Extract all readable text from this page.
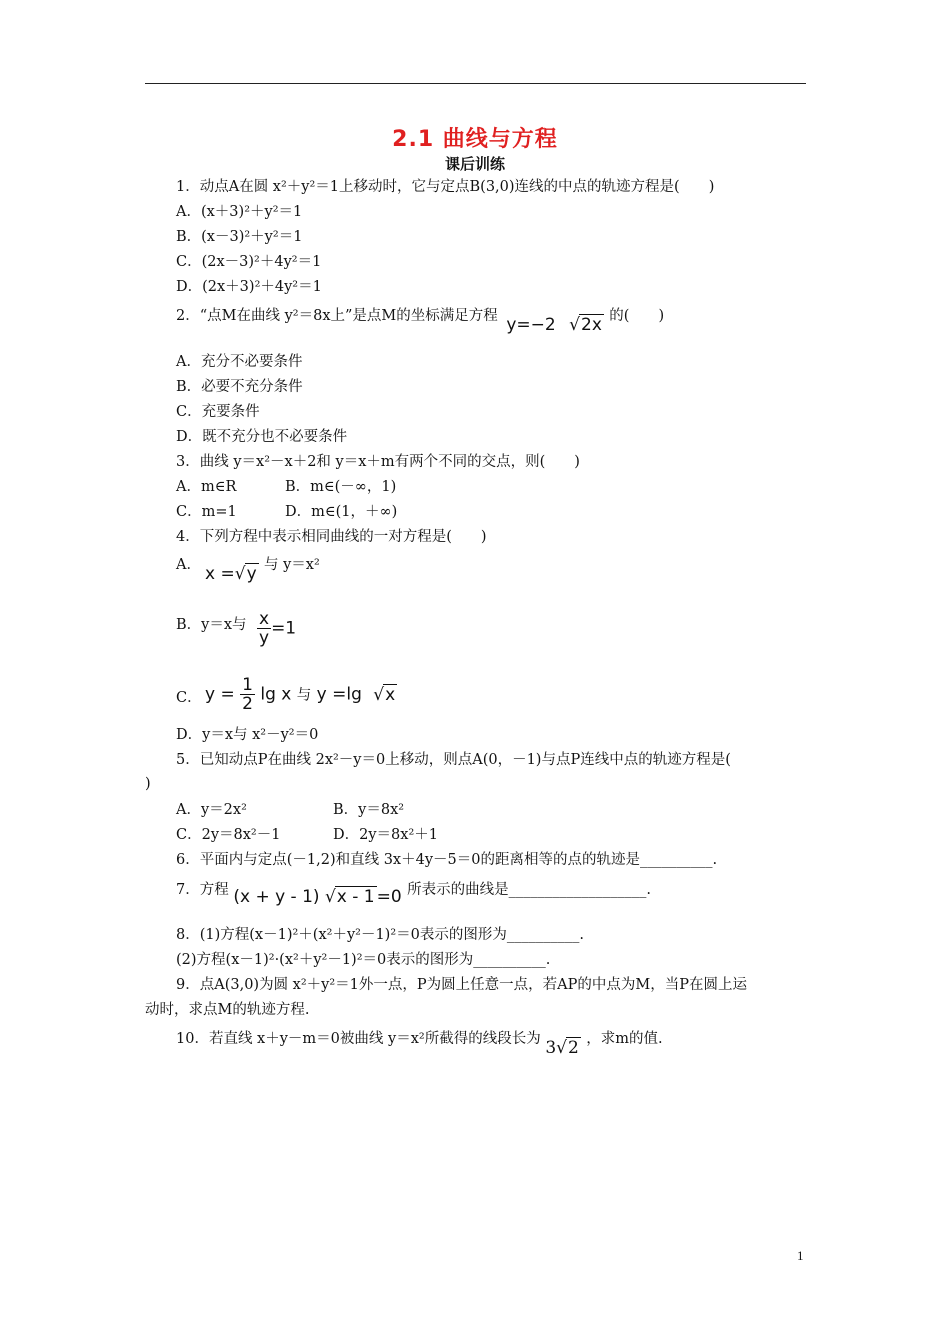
2.1 曲线与方程
课后训练
1．动点A在圆 x²＋y²＝1上移动时，它与定点B(3,0)连线的中点的轨迹方程是(　　)
A．(x＋3)²＋y²＝1
B．(x－3)²＋y²＝1
C．(2x－3)²＋4y²＝1
D．(2x＋3)²＋4y²＝1
2．“点M在曲线 y²＝8x上”是点M的坐标满足方程 y=−2 √2x 的(　　)
A．充分不必要条件
B．必要不充分条件
C．充要条件
D．既不充分也不必要条件
3．曲线 y＝x²－x＋2和 y＝x＋m有两个不同的交点，则(　　)
A．m∈R	B．m∈(－∞，1)
C．m=1	D．m∈(1，＋∞)
4．下列方程中表示相同曲线的一对方程是(　　)
A． x =√y 与 y＝x²
B．y＝x与 $\frac{x}{y} =1$
C． $y = \frac{1}{2}$ lg x 与 y =lg √x
D．y＝x与 x²－y²＝0
5．已知动点P在曲线 2x²－y＝0上移动，则点A(0，－1)与点P连线中点的轨迹方程是(
)
A．y＝2x²	B．y＝8x²
C．2y＝8x²－1	D．2y＝8x²＋1
6．平面内与定点(－1,2)和直线 3x＋4y－5＝0的距离相等的点的轨迹是__________.
7．方程 (x + y - 1) √x - 1 =0 所表示的曲线是___________________.
8．(1)方程(x－1)²＋(x²＋y²－1)²＝0表示的图形为__________.
(2)方程(x－1)²·(x²＋y²－1)²＝0表示的图形为__________.
9．点A(3,0)为圆 x²＋y²＝1外一点，P为圆上任意一点，若AP的中点为M，当P在圆上运
动时，求点M的轨迹方程.
10．若直线 x＋y－m＝0被曲线 y＝x²所截得的线段长为 3√2 ，求m的值.
1
